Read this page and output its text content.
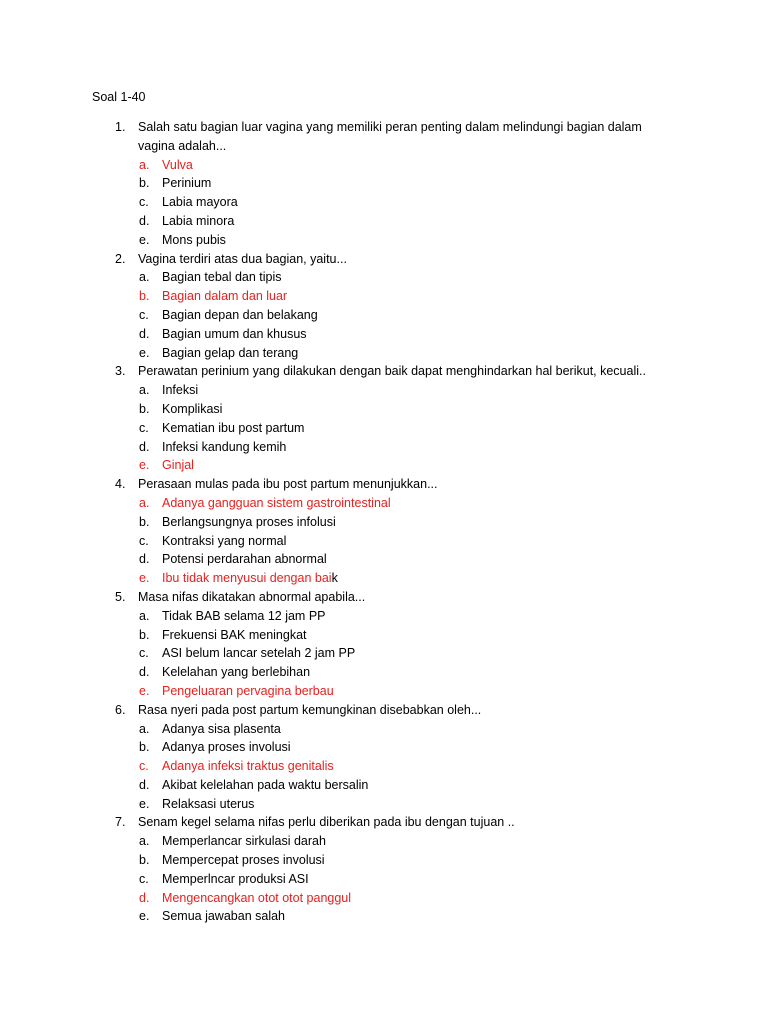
Soal 1-40
1. Salah satu bagian luar vagina yang memiliki peran penting dalam melindungi bagian dalam vagina adalah...
a. Vulva
b. Perinium
c. Labia mayora
d. Labia minora
e. Mons pubis
2. Vagina terdiri atas dua bagian, yaitu...
a. Bagian tebal dan tipis
b. Bagian dalam dan luar
c. Bagian depan dan belakang
d. Bagian umum dan khusus
e. Bagian gelap dan terang
3. Perawatan perinium yang dilakukan dengan baik dapat menghindarkan hal berikut, kecuali..
a. Infeksi
b. Komplikasi
c. Kematian ibu post partum
d. Infeksi kandung kemih
e. Ginjal
4. Perasaan mulas pada ibu post partum menunjukkan...
a. Adanya gangguan sistem gastrointestinal
b. Berlangsungnya proses infolusi
c. Kontraksi yang normal
d. Potensi perdarahan abnormal
e. Ibu tidak menyusui dengan baik
5. Masa nifas dikatakan abnormal apabila...
a. Tidak BAB selama 12 jam PP
b. Frekuensi BAK meningkat
c. ASI belum lancar setelah 2 jam PP
d. Kelelahan yang berlebihan
e. Pengeluaran pervagina berbau
6. Rasa nyeri pada post partum kemungkinan disebabkan oleh...
a. Adanya sisa plasenta
b. Adanya proses involusi
c. Adanya infeksi traktus genitalis
d. Akibat kelelahan pada waktu bersalin
e. Relaksasi uterus
7. Senam kegel selama nifas perlu diberikan pada ibu dengan tujuan ..
a. Memperlancar sirkulasi darah
b. Mempercepat proses involusi
c. Memperlncar produksi ASI
d. Mengencangkan otot otot panggul
e. Semua jawaban salah
